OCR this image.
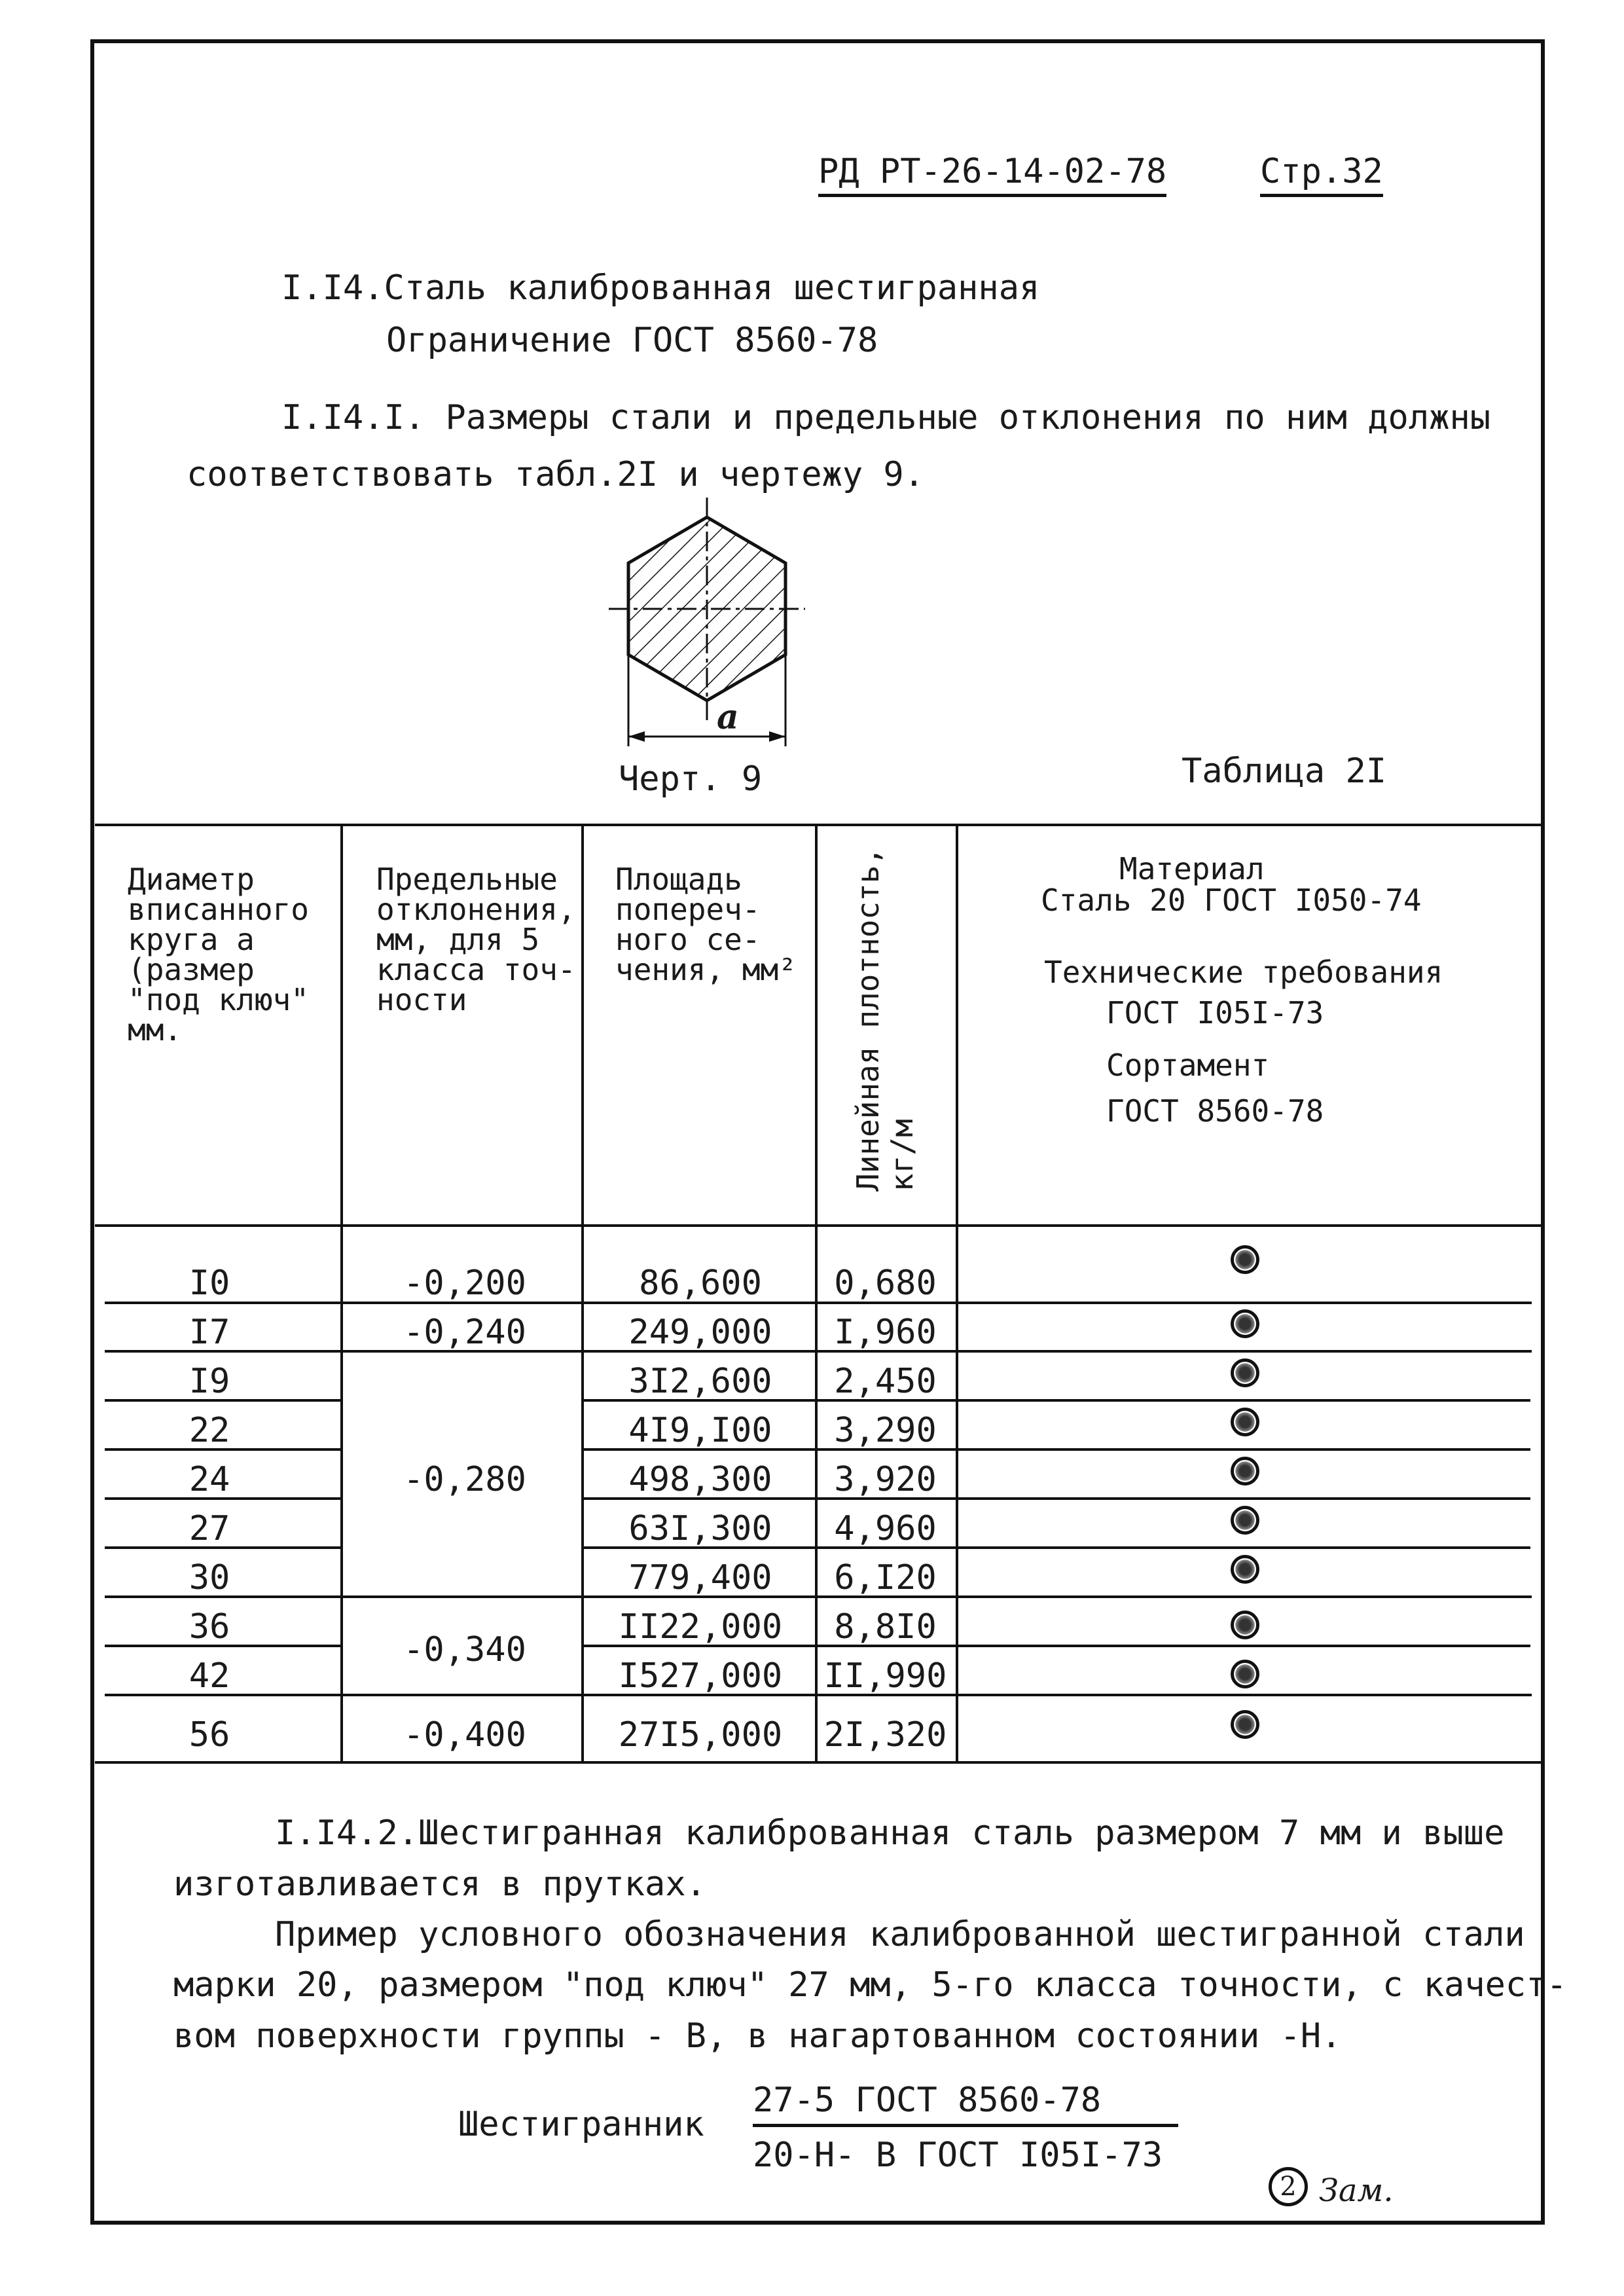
РД РТ-26-14-02-78	Стр.32
I.I4.Сталь калиброванная шестигранная
Ограничение ГОСТ 8560-78
I.I4.I. Размеры стали и предельные отклонения по ним должны
соответствовать табл.2I и чертежу 9.
a
Черт. 9	Таблица 2I
Диаметр
вписанного
круга a
(размер
"под ключ"
мм.
Предельные
отклонения,
мм, для 5
класса точ-
ности
Площадь
попереч-
ного се-
чения, мм²
Линейная плотность,
кг/м
Материал
Сталь 20 ГОСТ I050-74
Технические требования
ГОСТ I05I-73
Сортамент
ГОСТ 8560-78
I0
I7
I9
22
24
27
30
36
42
56
-0,200
-0,240
-0,280
-0,340
-0,400
86,600
249,000
3I2,600
4I9,I00
498,300
63I,300
779,400
II22,000
I527,000
27I5,000
0,680
I,960
2,450
3,290
3,920
4,960
6,I20
8,8I0
II,990
2I,320
I.I4.2.Шестигранная калиброванная сталь размером 7 мм и выше
изготавливается в прутках.
Пример условного обозначения калиброванной шестигранной стали
марки 20, размером "под ключ" 27 мм, 5-го класса точности, с качест-
вом поверхности группы - В, в нагартованном состоянии -Н.
Шестигранник
27-5 ГОСТ 8560-78
20-Н- В ГОСТ I05I-73
2 Зам.
